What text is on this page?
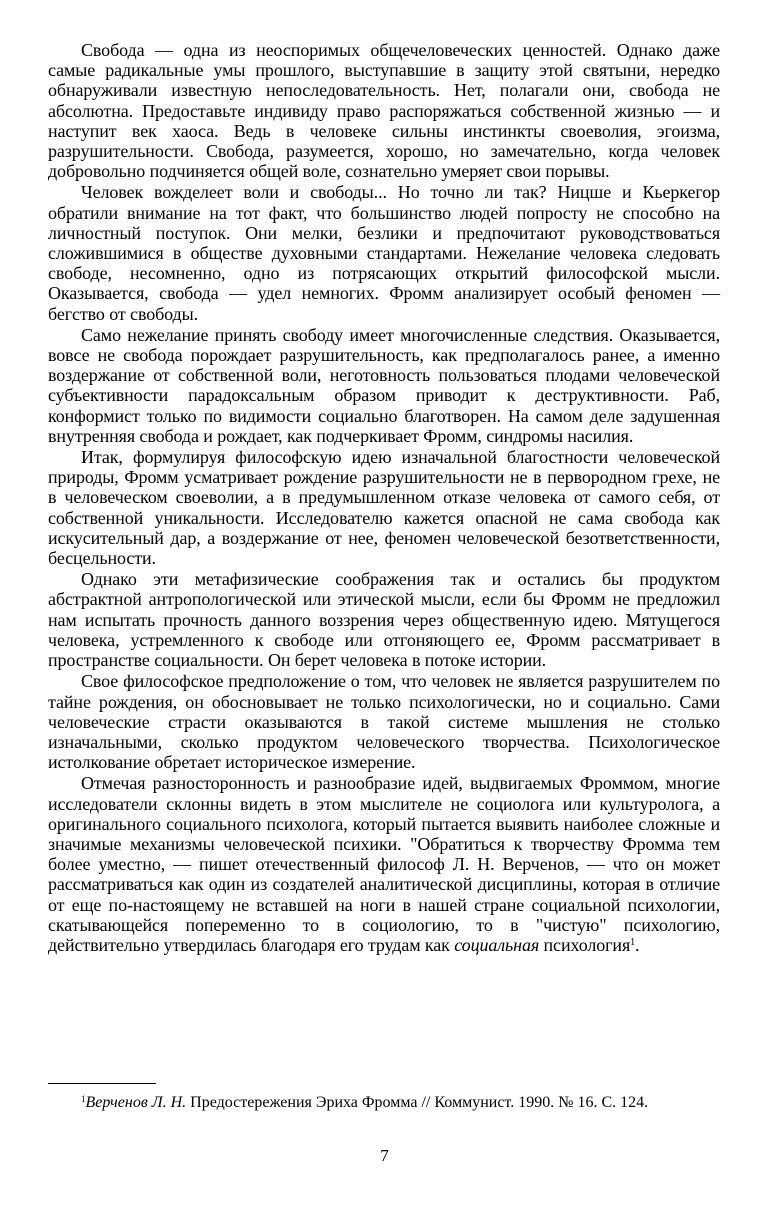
Свобода — одна из неоспоримых общечеловеческих ценностей. Однако даже самые радикальные умы прошлого, выступавшие в защиту этой святыни, нередко обнаруживали известную непоследовательность. Нет, полагали они, свобода не абсолютна. Предоставьте индивиду право распоряжаться собственной жизнью — и наступит век хаоса. Ведь в человеке сильны инстинкты своеволия, эгоизма, разрушительности. Свобода, разумеется, хорошо, но замечательно, когда человек добровольно подчиняется общей воле, сознательно умеряет свои порывы.

Человек вожделеет воли и свободы... Но точно ли так? Ницше и Кьеркегор обратили внимание на тот факт, что большинство людей попросту не способно на личностный поступок. Они мелки, безлики и предпочитают руководствоваться сложившимися в обществе духовными стандартами. Нежелание человека следовать свободе, несомненно, одно из потрясающих открытий философской мысли. Оказывается, свобода — удел немногих. Фромм анализирует особый феномен — бегство от свободы.

Само нежелание принять свободу имеет многочисленные следствия. Оказывается, вовсе не свобода порождает разрушительность, как предполагалось ранее, а именно воздержание от собственной воли, неготовность пользоваться плодами человеческой субъективности парадоксальным образом приводит к деструктивности. Раб, конформист только по видимости социально благотворен. На самом деле задушенная внутренняя свобода и рождает, как подчеркивает Фромм, синдромы насилия.

Итак, формулируя философскую идею изначальной благостности человеческой природы, Фромм усматривает рождение разрушительности не в первородном грехе, не в человеческом своеволии, а в предумышленном отказе человека от самого себя, от собственной уникальности. Исследователю кажется опасной не сама свобода как искусительный дар, а воздержание от нее, феномен человеческой безответственности, бесцельности.

Однако эти метафизические соображения так и остались бы продуктом абстрактной антропологической или этической мысли, если бы Фромм не предложил нам испытать прочность данного воззрения через общественную идею. Мятущегося человека, устремленного к свободе или отгоняющего ее, Фромм рассматривает в пространстве социальности. Он берет человека в потоке истории.

Свое философское предположение о том, что человек не является разрушителем по тайне рождения, он обосновывает не только психологически, но и социально. Сами человеческие страсти оказываются в такой системе мышления не столько изначальными, сколько продуктом человеческого творчества. Психологическое истолкование обретает историческое измерение.

Отмечая разносторонность и разнообразие идей, выдвигаемых Фроммом, многие исследователи склонны видеть в этом мыслителе не социолога или культуролога, а оригинального социального психолога, который пытается выявить наиболее сложные и значимые механизмы человеческой психики. "Обратиться к творчеству Фромма тем более уместно, — пишет отечественный философ Л. Н. Верченов, — что он может рассматриваться как один из создателей аналитической дисциплины, которая в отличие от еще по-настоящему не вставшей на ноги в нашей стране социальной психологии, скатывающейся попеременно то в социологию, то в "чистую" психологию, действительно утвердилась благодаря его трудам как социальная психология$^1$.

$^1$Верченов Л. Н. Предостережения Эриха Фромма // Коммунист. 1990. № 16. С. 124.

7
